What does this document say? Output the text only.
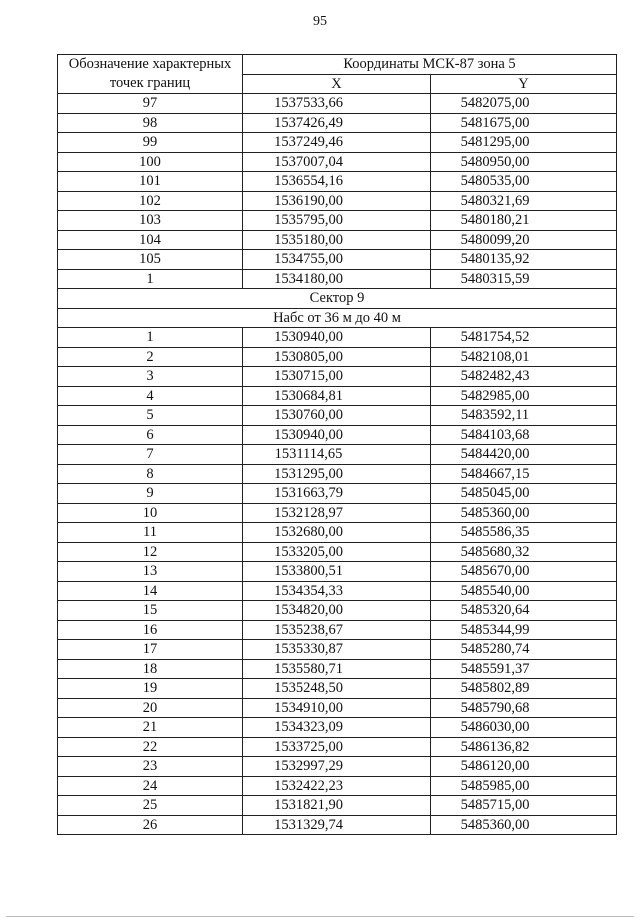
95
Обозначение характерных
точек границ	Координаты МСК-87 зона 5	
	X	Y
97	1537533,66	5482075,00
98	1537426,49	5481675,00
99	1537249,46	5481295,00
100	1537007,04	5480950,00
101	1536554,16	5480535,00
102	1536190,00	5480321,69
103	1535795,00	5480180,21
104	1535180,00	5480099,20
105	1534755,00	5480135,92
1	1534180,00	5480315,59
Сектор 9		
Набс от 36 м до 40 м		
1	1530940,00	5481754,52
2	1530805,00	5482108,01
3	1530715,00	5482482,43
4	1530684,81	5482985,00
5	1530760,00	5483592,11
6	1530940,00	5484103,68
7	1531114,65	5484420,00
8	1531295,00	5484667,15
9	1531663,79	5485045,00
10	1532128,97	5485360,00
11	1532680,00	5485586,35
12	1533205,00	5485680,32
13	1533800,51	5485670,00
14	1534354,33	5485540,00
15	1534820,00	5485320,64
16	1535238,67	5485344,99
17	1535330,87	5485280,74
18	1535580,71	5485591,37
19	1535248,50	5485802,89
20	1534910,00	5485790,68
21	1534323,09	5486030,00
22	1533725,00	5486136,82
23	1532997,29	5486120,00
24	1532422,23	5485985,00
25	1531821,90	5485715,00
26	1531329,74	5485360,00
